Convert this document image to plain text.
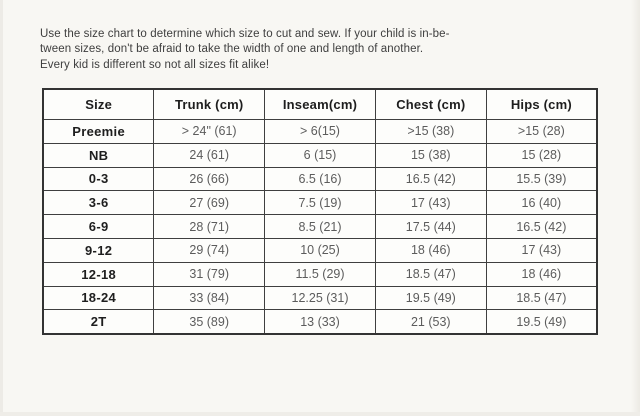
Use the size chart to determine which size to cut and sew. If your child is in-be-
tween sizes, don't be afraid to take the width of one and length of another.
Every kid is different so not all sizes fit alike!
Size	Trunk (cm)	Inseam(cm)	Chest (cm)	Hips (cm)
Preemie	> 24" (61)	> 6(15)	>15 (38)	>15 (28)
NB	24 (61)	6 (15)	15 (38)	15 (28)
0-3	26 (66)	6.5 (16)	16.5 (42)	15.5 (39)
3-6	27 (69)	7.5 (19)	17 (43)	16 (40)
6-9	28 (71)	8.5 (21)	17.5 (44)	16.5 (42)
9-12	29 (74)	10 (25)	18 (46)	17 (43)
12-18	31 (79)	11.5 (29)	18.5 (47)	18 (46)
18-24	33 (84)	12.25 (31)	19.5 (49)	18.5 (47)
2T	35 (89)	13 (33)	21 (53)	19.5 (49)
